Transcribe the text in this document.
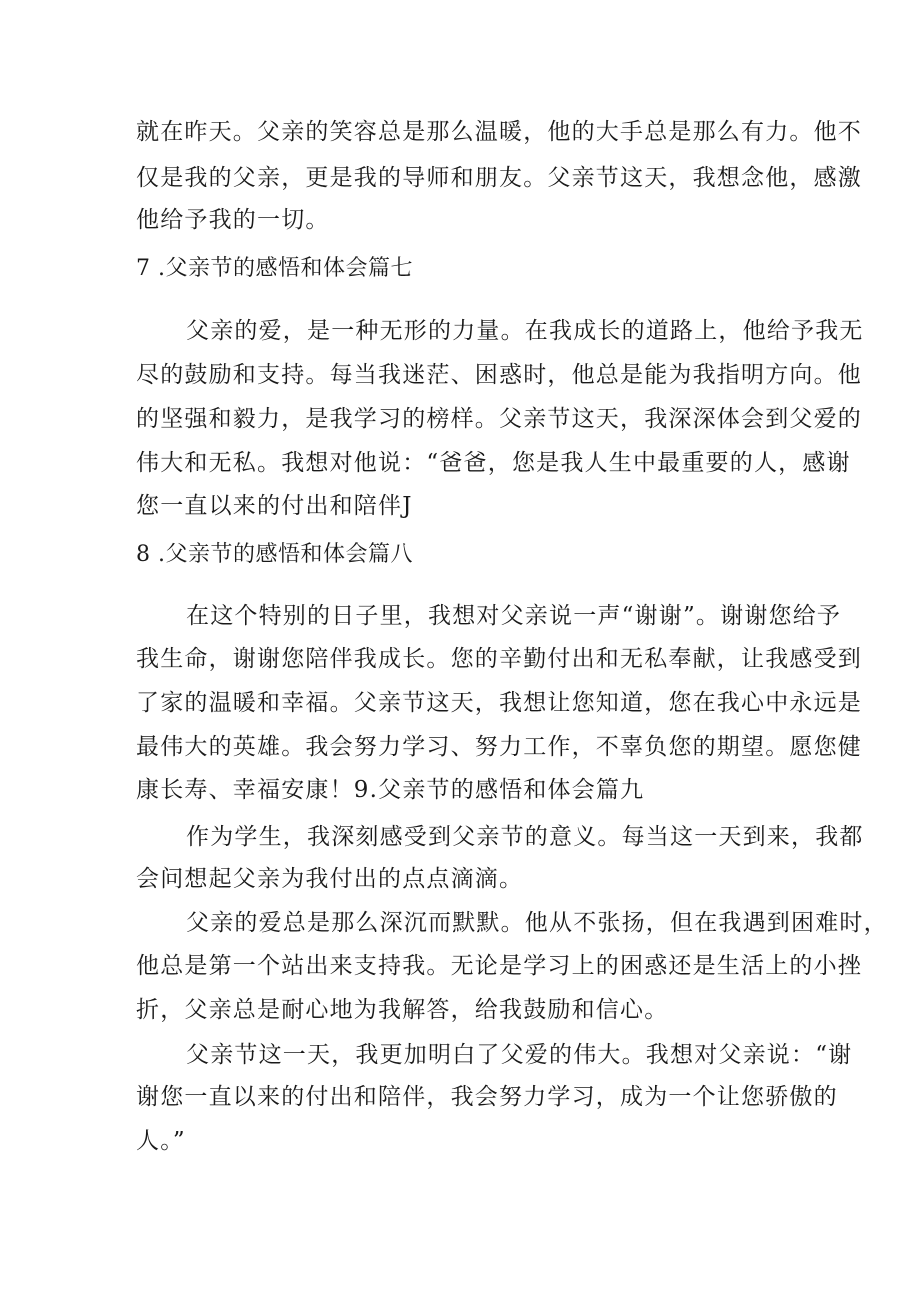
就在昨天。父亲的笑容总是那么温暖，他的大手总是那么有力。他不

仅是我的父亲，更是我的导师和朋友。父亲节这天，我想念他，感激

他给予我的一切。

7 .父亲节的感悟和体会篇七

父亲的爱，是一种无形的力量。在我成长的道路上，他给予我无

尽的鼓励和支持。每当我迷茫、困惑时，他总是能为我指明方向。他

的坚强和毅力，是我学习的榜样。父亲节这天，我深深体会到父爱的

伟大和无私。我想对他说：“爸爸，您是我人生中最重要的人，感谢

您一直以来的付出和陪伴J

8 .父亲节的感悟和体会篇八

在这个特别的日子里，我想对父亲说一声“谢谢”。谢谢您给予

我生命，谢谢您陪伴我成长。您的辛勤付出和无私奉献，让我感受到

了家的温暖和幸福。父亲节这天，我想让您知道，您在我心中永远是

最伟大的英雄。我会努力学习、努力工作，不辜负您的期望。愿您健

康长寿、幸福安康！9.父亲节的感悟和体会篇九

作为学生，我深刻感受到父亲节的意义。每当这一天到来，我都

会问想起父亲为我付出的点点滴滴。

父亲的爱总是那么深沉而默默。他从不张扬，但在我遇到困难时，

他总是第一个站出来支持我。无论是学习上的困惑还是生活上的小挫

折，父亲总是耐心地为我解答，给我鼓励和信心。

父亲节这一天，我更加明白了父爱的伟大。我想对父亲说：“谢

谢您一直以来的付出和陪伴，我会努力学习，成为一个让您骄傲的

人。”
